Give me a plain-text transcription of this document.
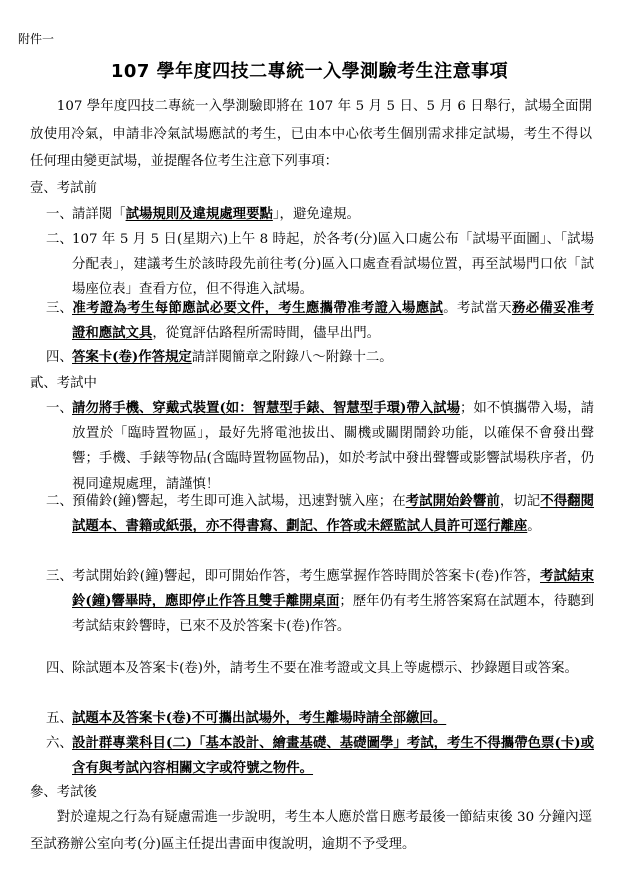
附件一
107 學年度四技二專統一入學測驗考生注意事項
107 學年度四技二專統一入學測驗即將在 107 年 5 月 5 日、5 月 6 日舉行，試場全面開放使用冷氣，申請非冷氣試場應試的考生，已由本中心依考生個別需求排定試場，考生不得以任何理由變更試場，並提醒各位考生注意下列事項：
壹、考試前
一、請詳閱「試場規則及違規處理要點」，避免違規。
二、107 年 5 月 5 日(星期六)上午 8 時起，於各考(分)區入口處公布「試場平面圖」、「試場分配表」，建議考生於該時段先前往考(分)區入口處查看試場位置，再至試場門口依「試場座位表」查看方位，但不得進入試場。
三、准考證為考生每節應試必要文件，考生應攜帶准考證入場應試。考試當天務必備妥准考證和應試文具，從寬評估路程所需時間，儘早出門。
四、答案卡(卷)作答規定請詳閱簡章之附錄八～附錄十二。
貳、考試中
一、請勿將手機、穿戴式裝置(如：智慧型手錶、智慧型手環)帶入試場；如不慎攜帶入場，請放置於「臨時置物區」，最好先將電池拔出、關機或關閉鬧鈴功能，以確保不會發出聲響；手機、手錶等物品(含臨時置物區物品)，如於考試中發出聲響或影響試場秩序者，仍視同違規處理，請謹慎！
二、預備鈴(鐘)響起，考生即可進入試場，迅速對號入座；在考試開始鈴響前，切記不得翻閱試題本、書籍或紙張，亦不得書寫、劃記、作答或未經監試人員許可逕行離座。
三、考試開始鈴(鐘)響起，即可開始作答，考生應掌握作答時間於答案卡(卷)作答，考試結束鈴(鐘)響畢時，應即停止作答且雙手離開桌面；歷年仍有考生將答案寫在試題本，待聽到考試結束鈴響時，已來不及於答案卡(卷)作答。
四、除試題本及答案卡(卷)外，請考生不要在准考證或文具上等處標示、抄錄題目或答案。
五、試題本及答案卡(卷)不可攜出試場外，考生離場時請全部繳回。
六、設計群專業科目(二)「基本設計、繪畫基礎、基礎圖學」考試，考生不得攜帶色票(卡)或含有與考試內容相關文字或符號之物件。
參、考試後
對於違規之行為有疑慮需進一步說明，考生本人應於當日應考最後一節結束後 30 分鐘內逕至試務辦公室向考(分)區主任提出書面申復說明，逾期不予受理。
